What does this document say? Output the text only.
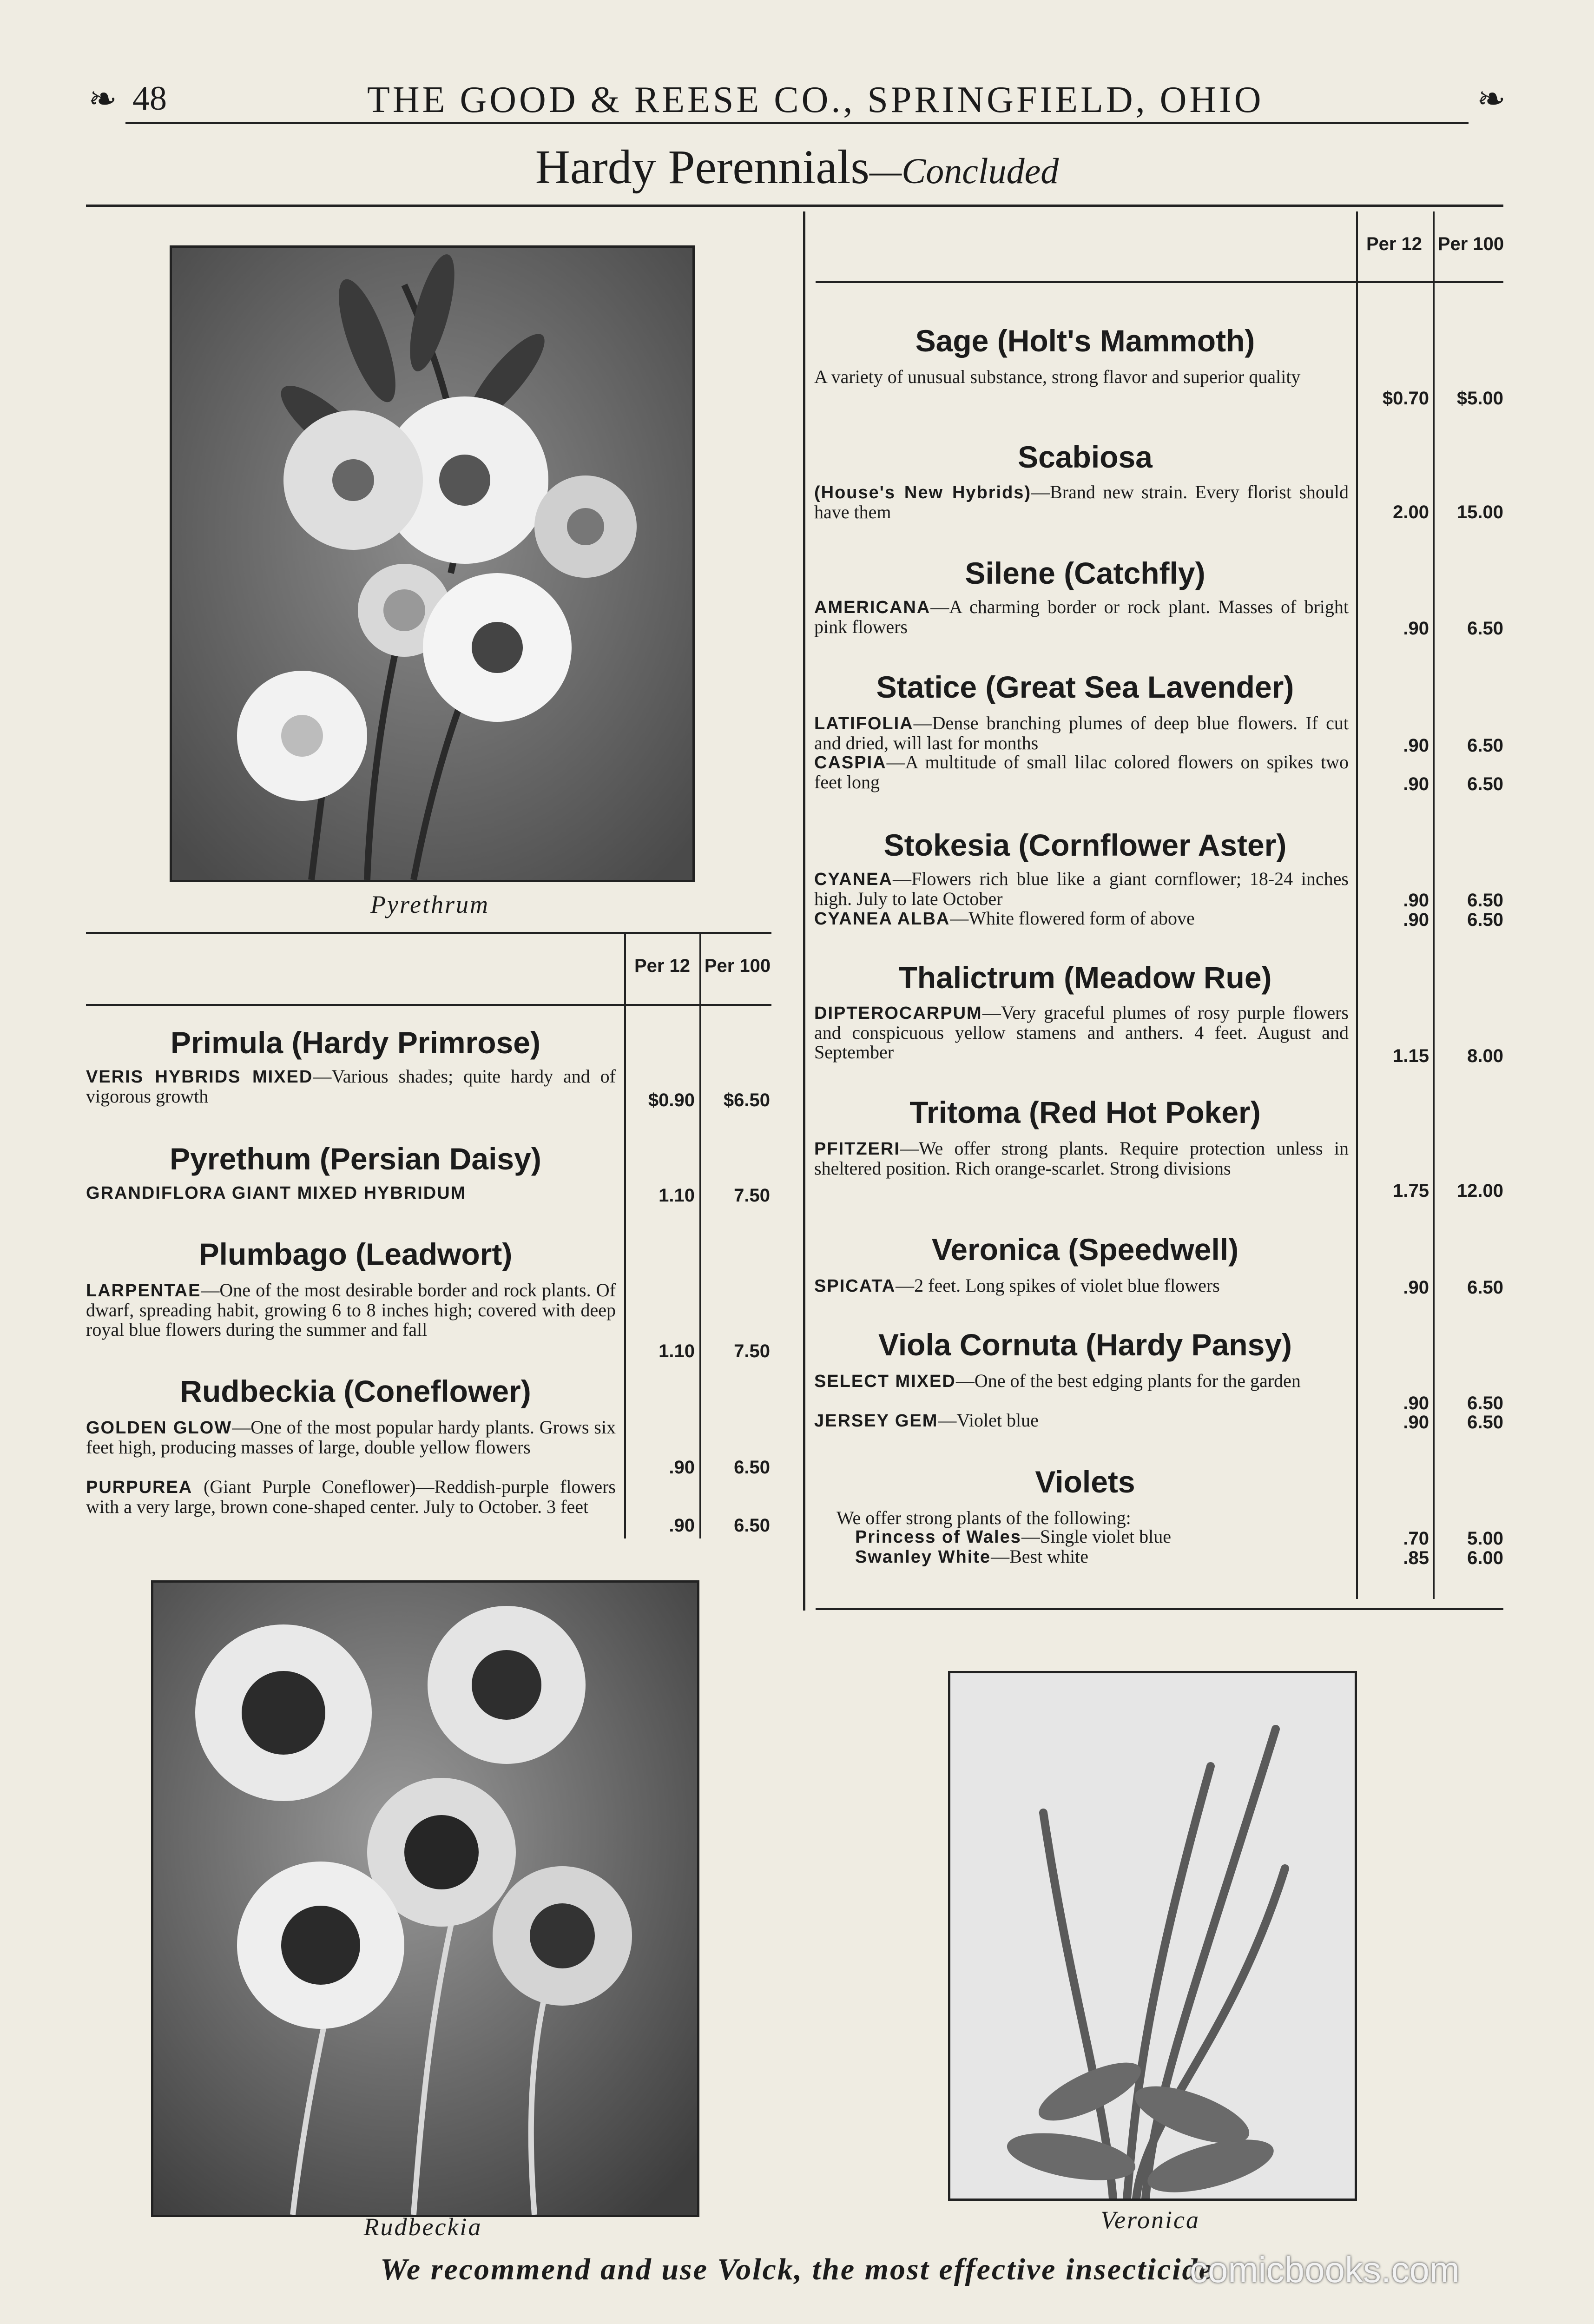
❧ 48	THE GOOD & REESE CO., SPRINGFIELD, OHIO	❧
Hardy Perennials—Concluded
Pyrethrum
Per 12 Per 100
Per 12 Per 100
Primula (Hardy Primrose)
VERIS HYBRIDS MIXED—Various shades; quite hardy and of vigorous growth	$0.90	$6.50
Pyrethum (Persian Daisy)
GRANDIFLORA GIANT MIXED HYBRIDUM	1.10	7.50
Plumbago (Leadwort)
LARPENTAE—One of the most desirable border and rock plants. Of dwarf, spreading habit, growing 6 to 8 inches high; covered with deep royal blue flowers during the summer and fall
1.10	7.50
Rudbeckia (Coneflower)
GOLDEN GLOW—One of the most popular hardy plants. Grows six feet high, producing masses of large, double yellow flowers
.90	6.50
PURPUREA (Giant Purple Coneflower)—Reddish-purple flowers with a very large, brown cone-shaped center. July to October. 3 feet
.90	6.50
Sage (Holt's Mammoth)
A variety of unusual substance, strong flavor and superior quality
$0.70	$5.00
Scabiosa
(House's New Hybrids)—Brand new strain. Every florist should have them	2.00	15.00
Silene (Catchfly)
AMERICANA—A charming border or rock plant. Masses of bright pink flowers	.90	6.50
Statice (Great Sea Lavender)
LATIFOLIA—Dense branching plumes of deep blue flowers. If cut and dried, will last for months	.90	6.50
CASPIA—A multitude of small lilac colored flowers on spikes two feet long	.90	6.50
Stokesia (Cornflower Aster)
CYANEA—Flowers rich blue like a giant cornflower; 18-24 inches high. July to late October	.90	6.50
CYANEA ALBA—White flowered form of above	.90	6.50
Thalictrum (Meadow Rue)
DIPTEROCARPUM—Very graceful plumes of rosy purple flowers and conspicuous yellow stamens and anthers. 4 feet. August and September	1.15	8.00
Tritoma (Red Hot Poker)
PFITZERI—We offer strong plants. Require protection unless in sheltered position. Rich orange-scarlet. Strong divisions
1.75	12.00
Veronica (Speedwell)
SPICATA—2 feet. Long spikes of violet blue flowers	.90	6.50
Viola Cornuta (Hardy Pansy)
SELECT MIXED—One of the best edging plants for the garden
.90	6.50
JERSEY GEM—Violet blue	.90	6.50
Violets
We offer strong plants of the following:
Princess of Wales—Single violet blue	.70	5.00
Swanley White—Best white	.85	6.00
Rudbeckia	Veronica
We recommend and use Volck, the most effective insecticide
comicbooks.com
